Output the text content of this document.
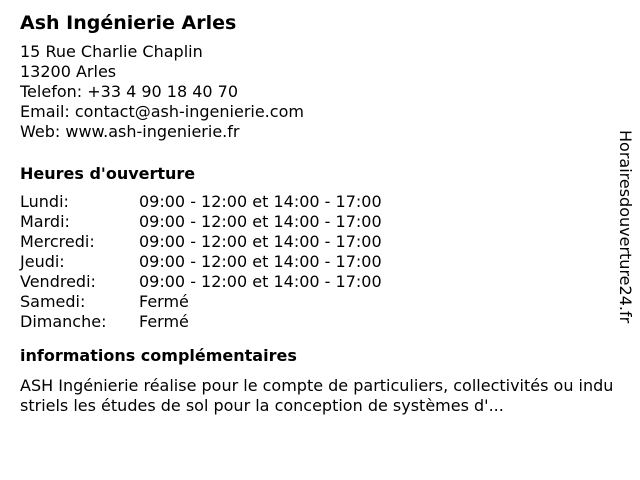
Ash Ingénierie Arles
15 Rue Charlie Chaplin
13200 Arles
Telefon: +33 4 90 18 40 70
Email: contact@ash-ingenierie.com
Web: www.ash-ingenierie.fr
Heures d'ouverture
Lundi:	09:00 - 12:00 et 14:00 - 17:00
Mardi:	09:00 - 12:00 et 14:00 - 17:00
Mercredi:	09:00 - 12:00 et 14:00 - 17:00
Jeudi:	09:00 - 12:00 et 14:00 - 17:00
Vendredi:	09:00 - 12:00 et 14:00 - 17:00
Samedi:	Fermé
Dimanche:	Fermé
informations complémentaires
ASH Ingénierie réalise pour le compte de particuliers, collectivités ou industriels les études de sol pour la conception de systèmes d'...
Horairesdouverture24.fr
